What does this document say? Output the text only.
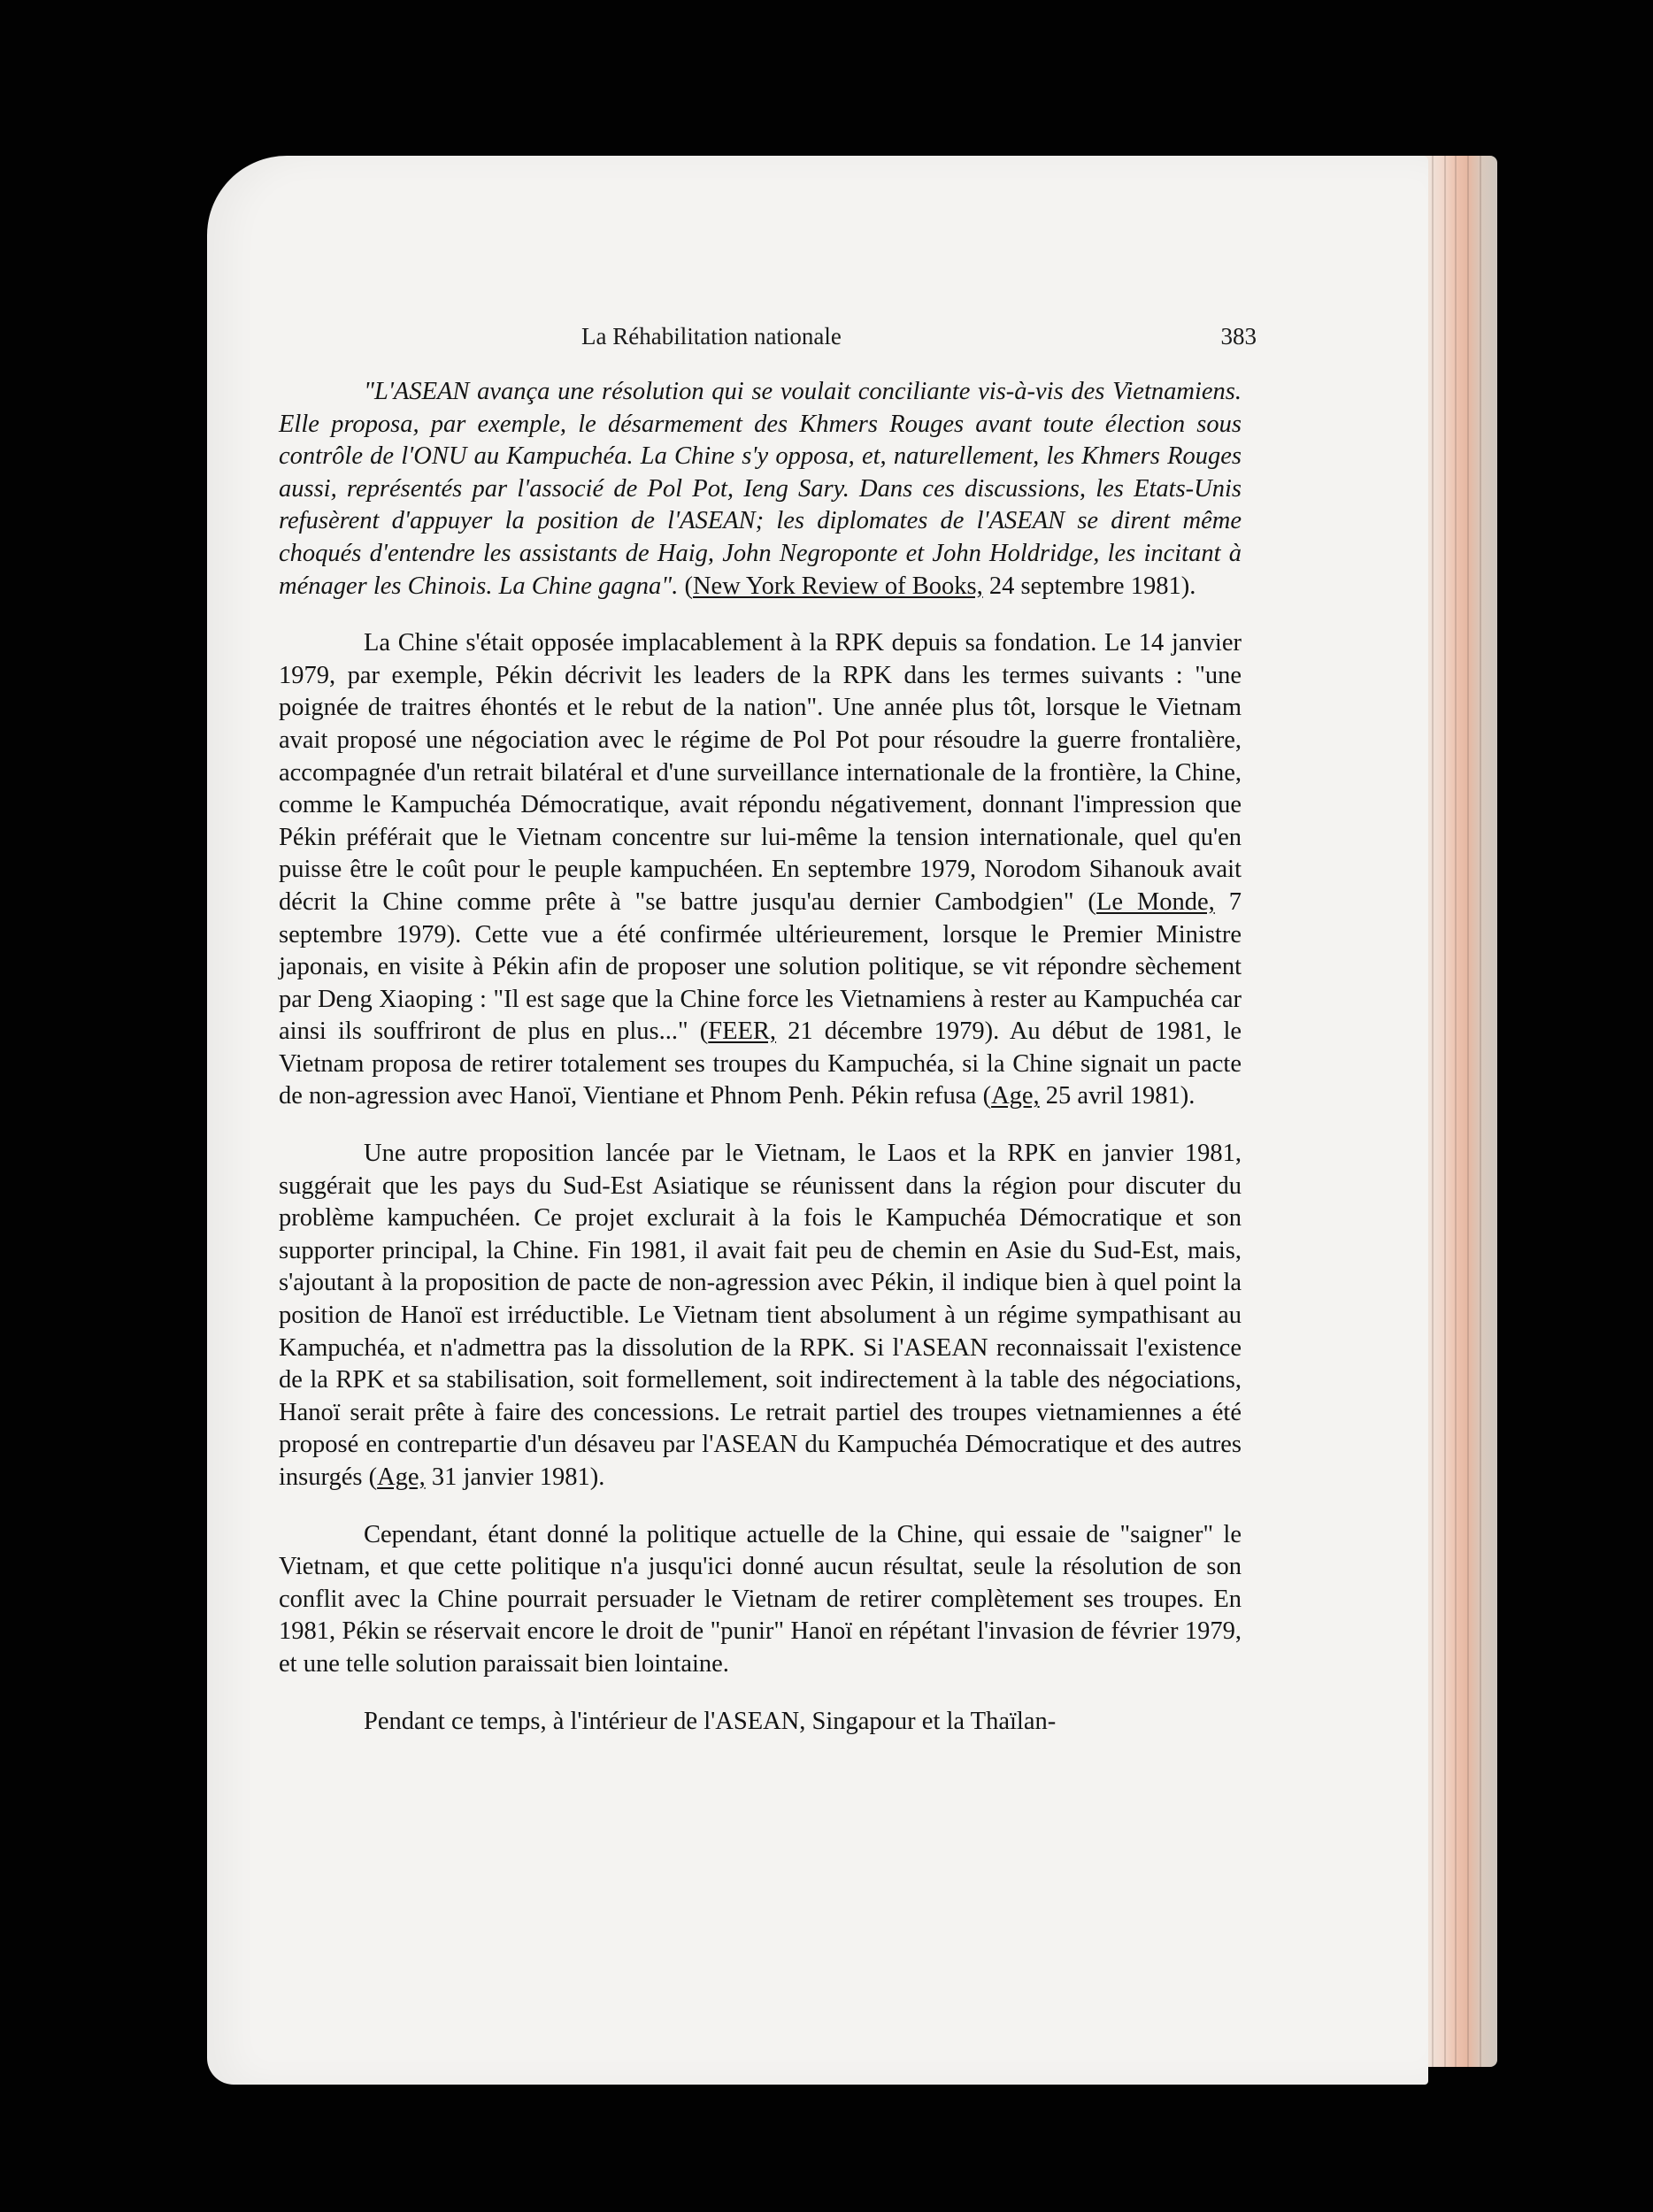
La Réhabilitation nationale	383

"L'ASEAN avança une résolution qui se voulait conciliante vis-à-vis des Vietnamiens. Elle proposa, par exemple, le désarmement des Khmers Rouges avant toute élection sous contrôle de l'ONU au Kampuchéa. La Chine s'y opposa, et, naturellement, les Khmers Rouges aussi, représentés par l'associé de Pol Pot, Ieng Sary. Dans ces discussions, les Etats-Unis refusèrent d'appuyer la position de l'ASEAN; les diplomates de l'ASEAN se dirent même choqués d'entendre les assistants de Haig, John Negroponte et John Holdridge, les incitant à ménager les Chinois. La Chine gagna". (New York Review of Books, 24 septembre 1981).

La Chine s'était opposée implacablement à la RPK depuis sa fondation. Le 14 janvier 1979, par exemple, Pékin décrivit les leaders de la RPK dans les termes suivants : "une poignée de traitres éhontés et le rebut de la nation". Une année plus tôt, lorsque le Vietnam avait proposé une négociation avec le régime de Pol Pot pour résoudre la guerre frontalière, accompagnée d'un retrait bilatéral et d'une surveillance internationale de la frontière, la Chine, comme le Kampuchéa Démocratique, avait répondu négativement, donnant l'impression que Pékin préférait que le Vietnam concentre sur lui-même la tension internationale, quel qu'en puisse être le coût pour le peuple kampuchéen. En septembre 1979, Norodom Sihanouk avait décrit la Chine comme prête à "se battre jusqu'au dernier Cambodgien" (Le Monde, 7 septembre 1979). Cette vue a été confirmée ultérieurement, lorsque le Premier Ministre japonais, en visite à Pékin afin de proposer une solution politique, se vit répondre sèchement par Deng Xiaoping : "Il est sage que la Chine force les Vietnamiens à rester au Kampuchéa car ainsi ils souffriront de plus en plus..." (FEER, 21 décembre 1979). Au début de 1981, le Vietnam proposa de retirer totalement ses troupes du Kampuchéa, si la Chine signait un pacte de non-agression avec Hanoï, Vientiane et Phnom Penh. Pékin refusa (Age, 25 avril 1981).

Une autre proposition lancée par le Vietnam, le Laos et la RPK en janvier 1981, suggérait que les pays du Sud-Est Asiatique se réunissent dans la région pour discuter du problème kampuchéen. Ce projet exclurait à la fois le Kampuchéa Démocratique et son supporter principal, la Chine. Fin 1981, il avait fait peu de chemin en Asie du Sud-Est, mais, s'ajoutant à la proposition de pacte de non-agression avec Pékin, il indique bien à quel point la position de Hanoï est irréductible. Le Vietnam tient absolument à un régime sympathisant au Kampuchéa, et n'admettra pas la dissolution de la RPK. Si l'ASEAN reconnaissait l'existence de la RPK et sa stabilisation, soit formellement, soit indirectement à la table des négociations, Hanoï serait prête à faire des concessions. Le retrait partiel des troupes vietnamiennes a été proposé en contrepartie d'un désaveu par l'ASEAN du Kampuchéa Démocratique et des autres insurgés (Age, 31 janvier 1981).

Cependant, étant donné la politique actuelle de la Chine, qui essaie de "saigner" le Vietnam, et que cette politique n'a jusqu'ici donné aucun résultat, seule la résolution de son conflit avec la Chine pourrait persuader le Vietnam de retirer complètement ses troupes. En 1981, Pékin se réservait encore le droit de "punir" Hanoï en répétant l'invasion de février 1979, et une telle solution paraissait bien lointaine.

Pendant ce temps, à l'intérieur de l'ASEAN, Singapour et la Thaïlan-
